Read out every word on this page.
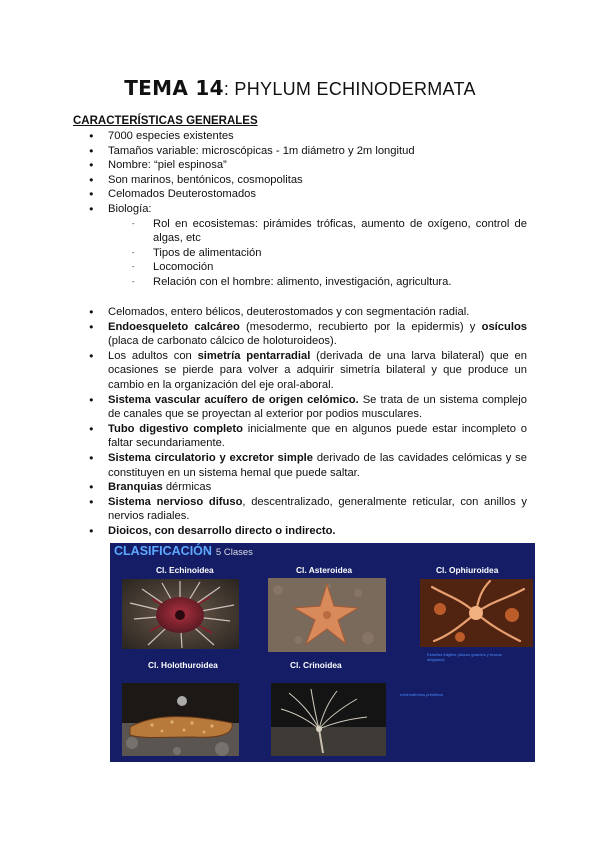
TEMA 14: PHYLUM ECHINODERMATA
CARACTERÍSTICAS GENERALES
● 7000 especies existentes
● Tamaños variable: microscópicas - 1m diámetro y 2m longitud
● Nombre: “piel espinosa”
● Son marinos, bentónicos, cosmopolitas
● Celomados Deuterostomados
● Biología:
- Rol en ecosistemas: pirámides tróficas, aumento de oxígeno, control de algas, etc
- Tipos de alimentación
- Locomoción
- Relación con el hombre: alimento, investigación, agricultura.
● Celomados, entero bélicos, deuterostomados y con segmentación radial.
● Endoesqueleto calcáreo (mesodermo, recubierto por la epidermis) y osículos (placa de carbonato cálcico de holoturoideos).
● Los adultos con simetría pentarradial (derivada de una larva bilateral) que en ocasiones se pierde para volver a adquirir simetría bilateral y que produce un cambio en la organización del eje oral-aboral.
● Sistema vascular acuífero de origen celómico. Se trata de un sistema complejo de canales que se proyectan al exterior por podios musculares.
● Tubo digestivo completo inicialmente que en algunos puede estar incompleto o faltar secundariamente.
● Sistema circulatorio y excretor simple derivado de las cavidades celómicas y se constituyen en un sistema hemal que puede saltar.
● Branquias dérmicas
● Sistema nervioso difuso, descentralizado, generalmente reticular, con anillos y nervios radiales.
● Dioicos, con desarrollo directo o indirecto.
CLASIFICACIÓN 5 Clases
Cl. Echinoidea	Cl. Asteroidea	Cl. Ophiuroidea
Cl. Holothuroidea	Cl. Crinoidea
Estrellas frágiles (discos grandes y brazos delgados)
echinodermos primitivos
